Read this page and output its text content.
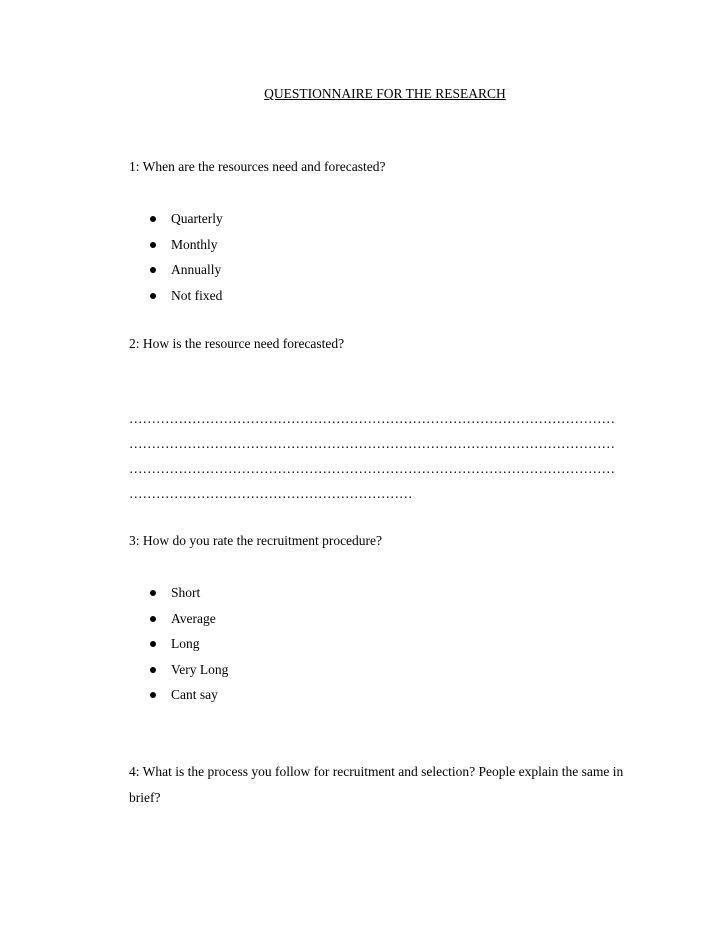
QUESTIONNAIRE FOR THE RESEARCH

1: When are the resources need and forecasted?

Quarterly
Monthly
Annually
Not fixed

2: How is the resource need forecasted?

………………………………………………………………………………………………
………………………………………………………………………………………………
………………………………………………………………………………………………
………………………………………………………

3: How do you rate the recruitment procedure?

Short
Average
Long
Very Long
Cant say

4: What is the process you follow for recruitment and selection? People explain the same in brief?
